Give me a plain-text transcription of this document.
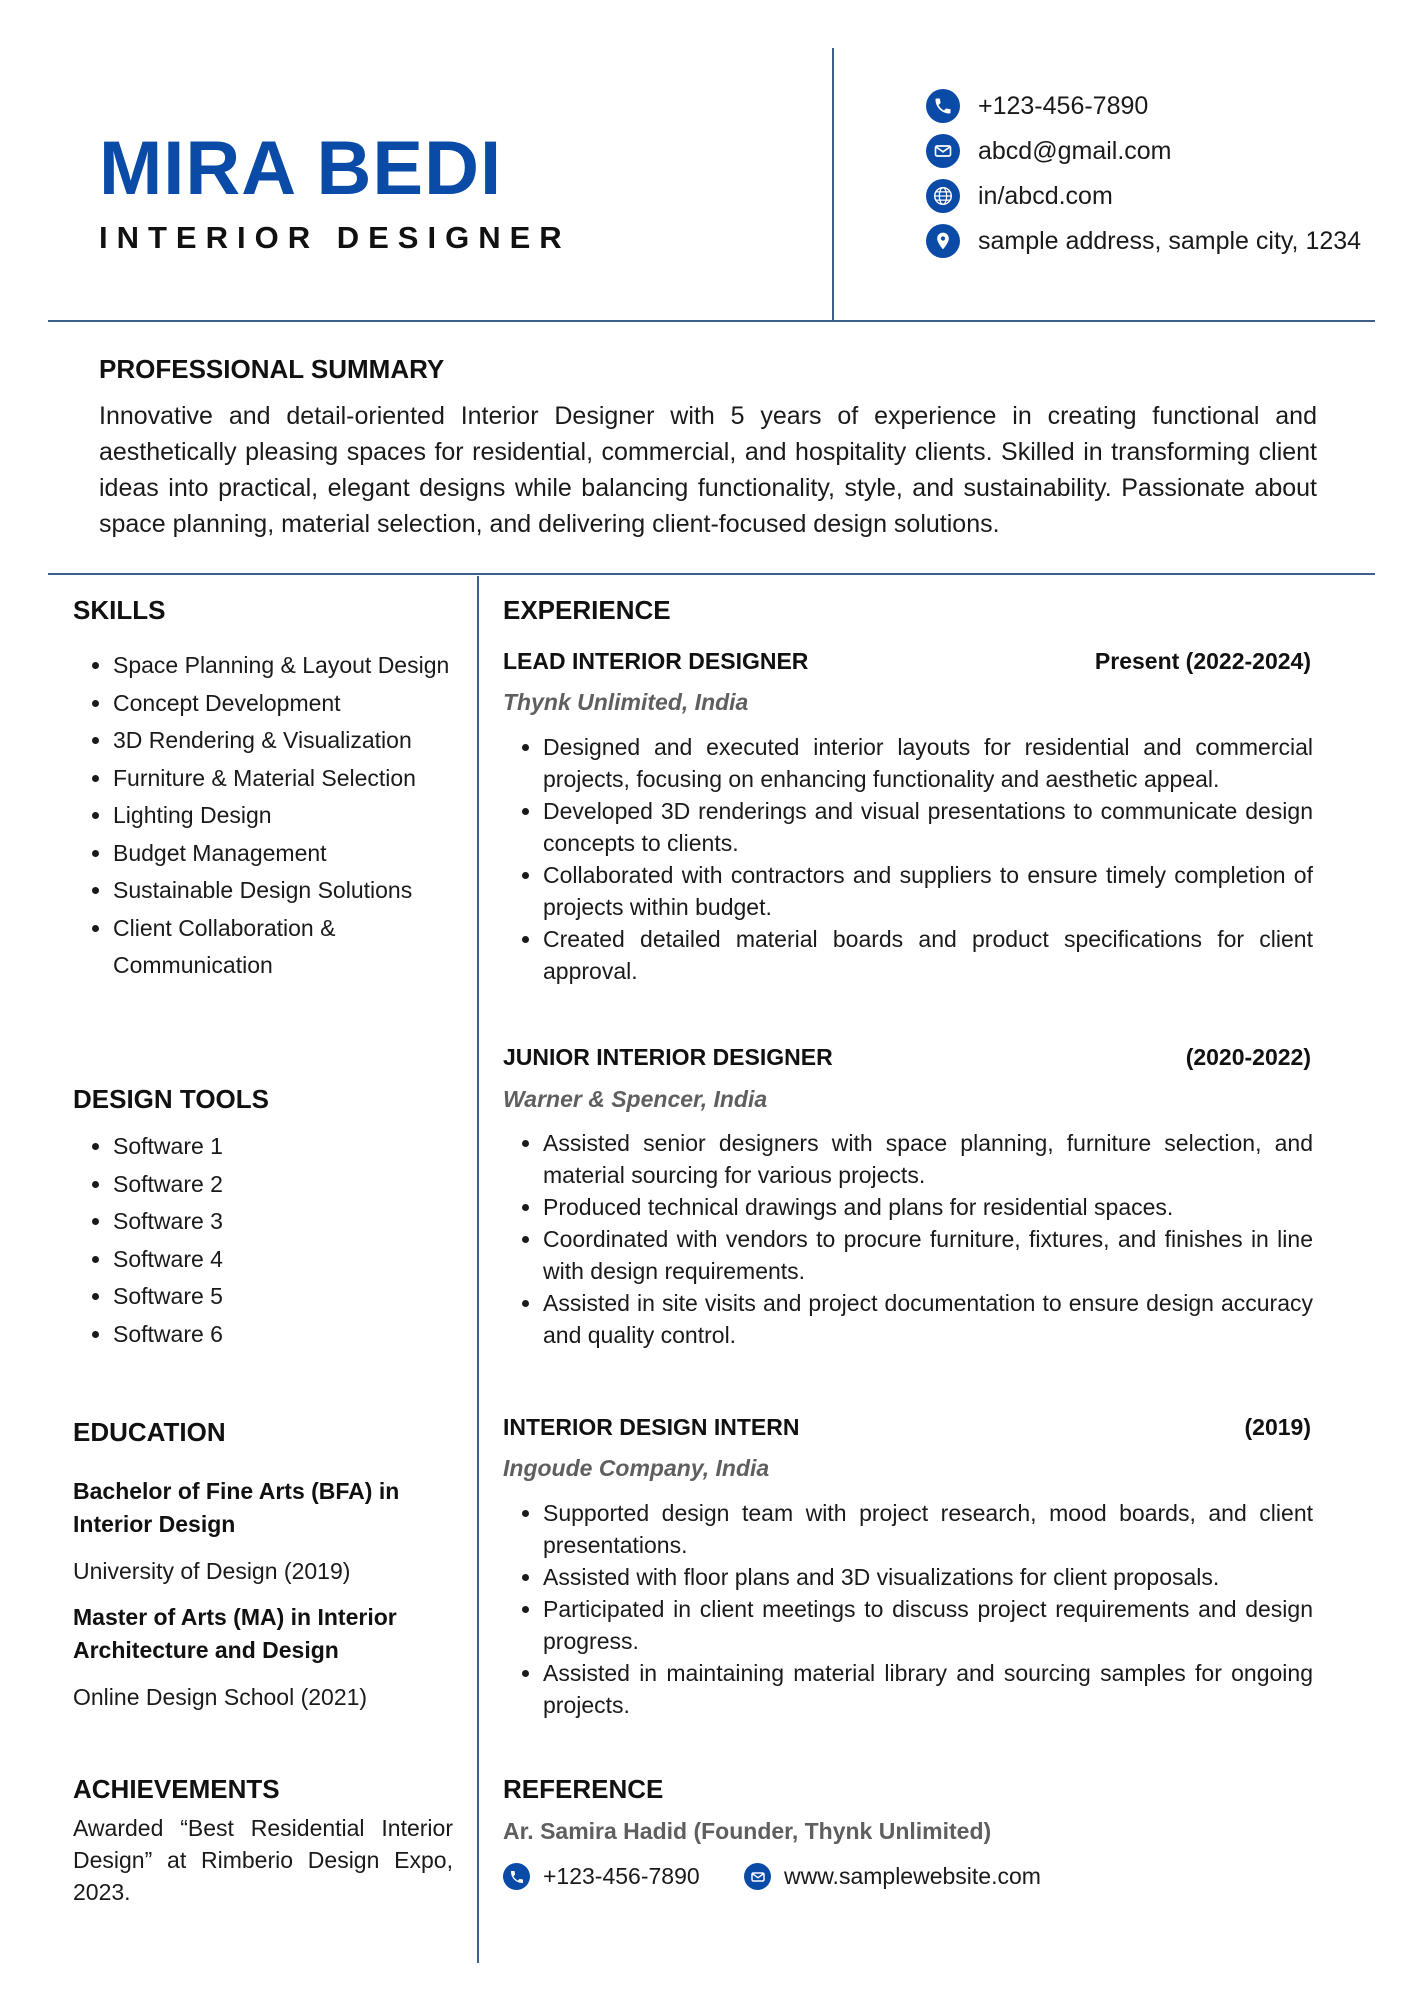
MIRA BEDI
INTERIOR DESIGNER
+123-456-7890
abcd@gmail.com
in/abcd.com
sample address, sample city, 1234
PROFESSIONAL SUMMARY
Innovative and detail-oriented Interior Designer with 5 years of experience in creating functional and aesthetically pleasing spaces for residential, commercial, and hospitality clients. Skilled in transforming client ideas into practical, elegant designs while balancing functionality, style, and sustainability. Passionate about space planning, material selection, and delivering client-focused design solutions.
SKILLS
• Space Planning & Layout Design
• Concept Development
• 3D Rendering & Visualization
• Furniture & Material Selection
• Lighting Design
• Budget Management
• Sustainable Design Solutions
• Client Collaboration & Communication
DESIGN TOOLS
• Software 1
• Software 2
• Software 3
• Software 4
• Software 5
• Software 6
EDUCATION
Bachelor of Fine Arts (BFA) in Interior Design
University of Design (2019)
Master of Arts (MA) in Interior Architecture and Design
Online Design School (2021)
ACHIEVEMENTS
Awarded “Best Residential Interior Design” at Rimberio Design Expo, 2023.
EXPERIENCE
LEAD INTERIOR DESIGNER	Present (2022-2024)
Thynk Unlimited, India
• Designed and executed interior layouts for residential and commercial projects, focusing on enhancing functionality and aesthetic appeal.
• Developed 3D renderings and visual presentations to communicate design concepts to clients.
• Collaborated with contractors and suppliers to ensure timely completion of projects within budget.
• Created detailed material boards and product specifications for client approval.
JUNIOR INTERIOR DESIGNER	(2020-2022)
Warner & Spencer, India
• Assisted senior designers with space planning, furniture selection, and material sourcing for various projects.
• Produced technical drawings and plans for residential spaces.
• Coordinated with vendors to procure furniture, fixtures, and finishes in line with design requirements.
• Assisted in site visits and project documentation to ensure design accuracy and quality control.
INTERIOR DESIGN INTERN	(2019)
Ingoude Company, India
• Supported design team with project research, mood boards, and client presentations.
• Assisted with floor plans and 3D visualizations for client proposals.
• Participated in client meetings to discuss project requirements and design progress.
• Assisted in maintaining material library and sourcing samples for ongoing projects.
REFERENCE
Ar. Samira Hadid (Founder, Thynk Unlimited)
+123-456-7890	www.samplewebsite.com
